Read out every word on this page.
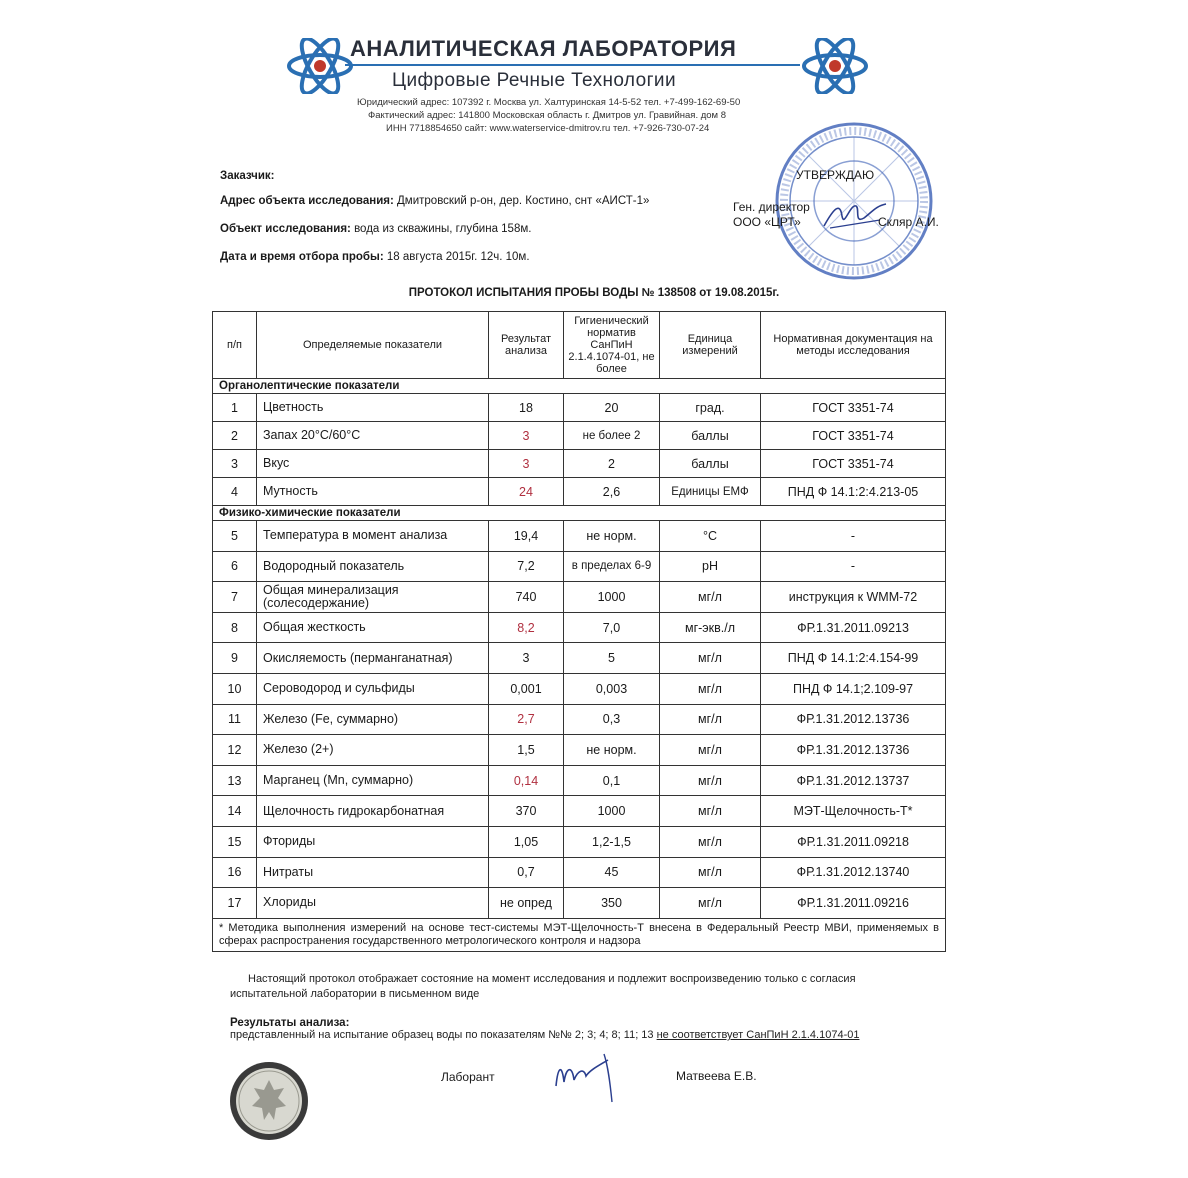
АНАЛИТИЧЕСКАЯ ЛАБОРАТОРИЯ
Цифровые Речные Технологии
Юридический адрес: 107392 г. Москва ул. Халтуринская 14-5-52 тел. +7-499-162-69-50
Фактический адрес: 141800 Московская область г. Дмитров ул. Гравийная. дом 8
ИНН 7718854650 сайт: www.waterservice-dmitrov.ru тел. +7-926-730-07-24
Заказчик:
Адрес объекта исследования: Дмитровский р-он, дер. Костино, снт «АИСТ-1»
Объект исследования: вода из скважины, глубина 158м.
Дата и время отбора пробы: 18 августа 2015г. 12ч. 10м.
УТВЕРЖДАЮ
Ген. директор
ООО «ЦРТ»	Скляр А.И.
ПРОТОКОЛ ИСПЫТАНИЯ ПРОБЫ ВОДЫ № 138508 от 19.08.2015г.
п/п	Определяемые показатели	Результат анализа	Гигиенический норматив СанПиН 2.1.4.1074-01, не более	Единица измерений	Нормативная документация на методы исследования
Органолептические показатели					
1	Цветность	18	20	град.	ГОСТ 3351-74
2	Запах 20°С/60°С	3	не более 2	баллы	ГОСТ 3351-74
3	Вкус	3	2	баллы	ГОСТ 3351-74
4	Мутность	24	2,6	Единицы ЕМФ	ПНД Ф 14.1:2:4.213-05
Физико-химические показатели					
5	Температура в момент анализа	19,4	не норм.	°С	-
6	Водородный показатель	7,2	в пределах 6-9	pH	-
7	Общая минерализация (солесодержание)	740	1000	мг/л	инструкция к WMM-72
8	Общая жесткость	8,2	7,0	мг-экв./л	ФР.1.31.2011.09213
9	Окисляемость (перманганатная)	3	5	мг/л	ПНД Ф 14.1:2:4.154-99
10	Сероводород и сульфиды	0,001	0,003	мг/л	ПНД Ф 14.1;2.109-97
11	Железо (Fe, суммарно)	2,7	0,3	мг/л	ФР.1.31.2012.13736
12	Железо (2+)	1,5	не норм.	мг/л	ФР.1.31.2012.13736
13	Марганец (Mn, суммарно)	0,14	0,1	мг/л	ФР.1.31.2012.13737
14	Щелочность гидрокарбонатная	370	1000	мг/л	МЭТ-Щелочность-Т*
15	Фториды	1,05	1,2-1,5	мг/л	ФР.1.31.2011.09218
16	Нитраты	0,7	45	мг/л	ФР.1.31.2012.13740
17	Хлориды	не опред	350	мг/л	ФР.1.31.2011.09216
* Методика выполнения измерений на основе тест-системы МЭТ-Щелочность-Т внесена в Федеральный Реестр МВИ, применяемых в сферах распространения государственного метрологического контроля и надзора					
Настоящий протокол отображает состояние на момент исследования и подлежит воспроизведению только с согласия испытательной лаборатории в письменном виде
Результаты анализа:
представленный на испытание образец воды по показателям №№ 2; 3; 4; 8; 11; 13 не соответствует СанПиН 2.1.4.1074-01
Лаборант	Матвеева Е.В.
